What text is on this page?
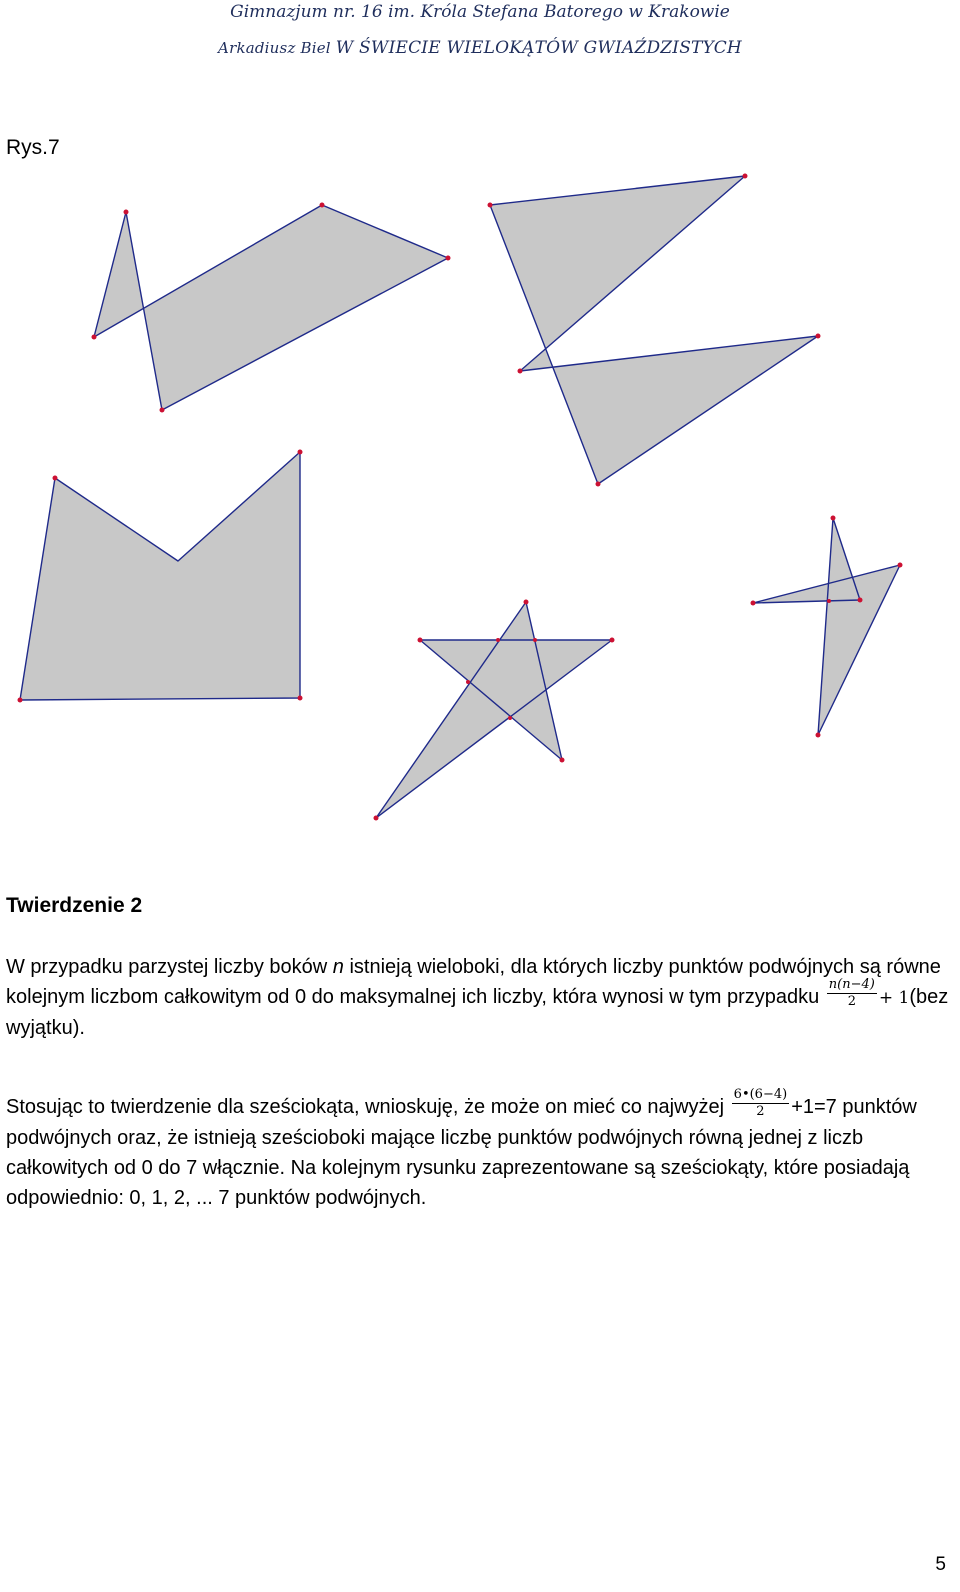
Gimnazjum nr. 16 im. Króla Stefana Batorego w Krakowie
Arkadiusz Biel W ŚWIECIE WIELOKĄTÓW GWIAŹDZISTYCH
Rys.7
Twierdzenie 2

W przypadku parzystej liczby boków n istnieją wieloboki, dla których liczby punktów podwójnych są równe kolejnym liczbom całkowitym od 0 do maksymalnej ich liczby, która wynosi w tym przypadku $\frac{n(n-4)}{2} + 1(bez$ wyjątku).

Stosując to twierdzenie dla sześciokąta, wnioskuję, że może on mieć co najwyżej $\frac{6•(6-4)}{2} +1=7$ punktów podwójnych oraz, że istnieją sześcioboki mające liczbę punktów podwójnych równą jednej z liczb całkowitych od 0 do 7 włącznie. Na kolejnym rysunku zaprezentowane są sześciokąty, które posiadają odpowiednio: 0, 1, 2, ... 7 punktów podwójnych.

5
